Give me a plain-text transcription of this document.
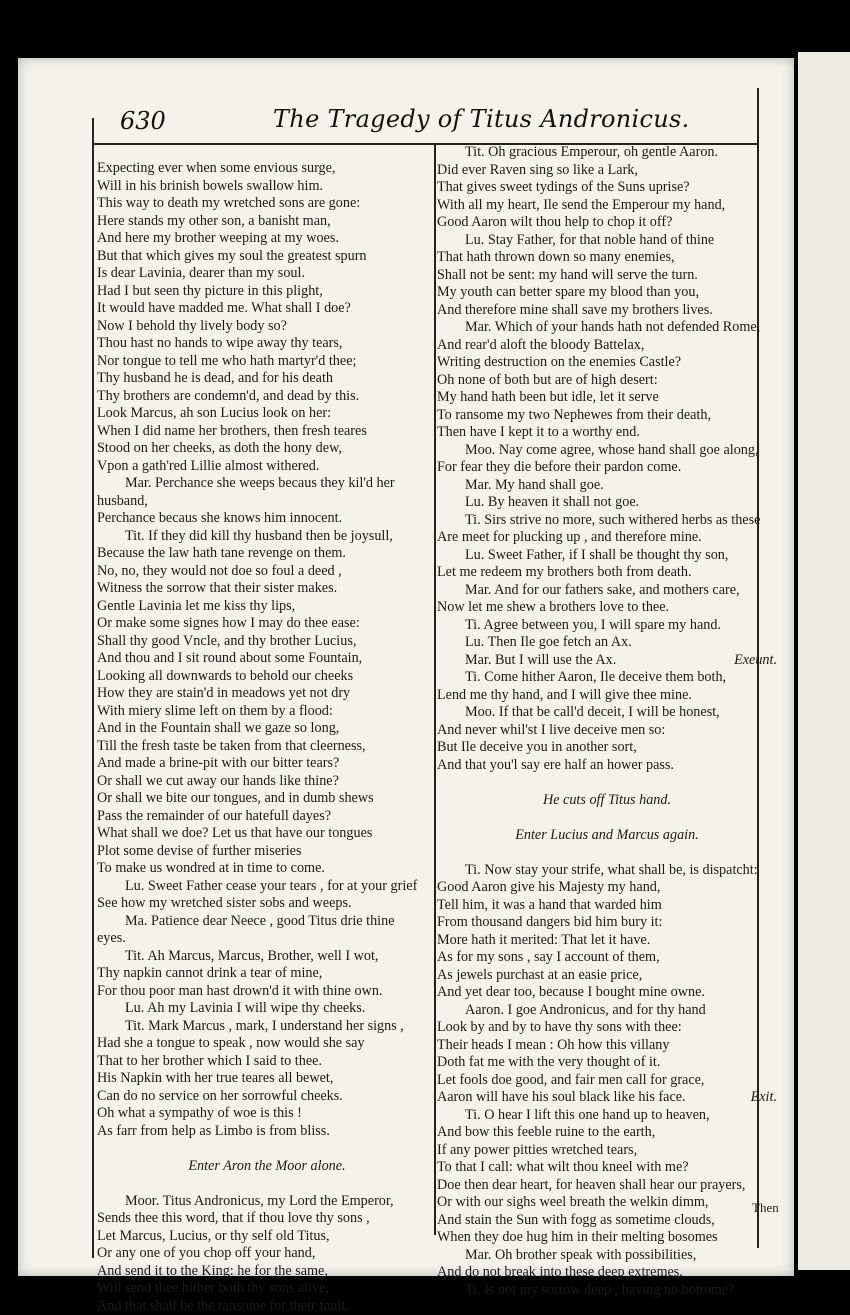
630	The Tragedy of Titus Andronicus.
Expecting ever when some envious surge,
Will in his brinish bowels swallow him.
This way to death my wretched sons are gone:
Here stands my other son, a banisht man,
And here my brother weeping at my woes.
But that which gives my soul the greatest spurn
Is dear Lavinia, dearer than my soul.
Had I but seen thy picture in this plight,
It would have madded me. What shall I doe?
Now I behold thy lively body so?
Thou hast no hands to wipe away thy tears,
Nor tongue to tell me who hath martyr'd thee;
Thy husband he is dead, and for his death
Thy brothers are condemn'd, and dead by this.
Look Marcus, ah son Lucius look on her:
When I did name her brothers, then fresh teares
Stood on her cheeks, as doth the hony dew,
Vpon a gath'red Lillie almost withered.
Mar. Perchance she weeps becaus they kil'd her
husband,
Perchance becaus she knows him innocent.
Tit. If they did kill thy husband then be joysull,
Because the law hath tane revenge on them.
No, no, they would not doe so foul a deed ,
Witness the sorrow that their sister makes.
Gentle Lavinia let me kiss thy lips,
Or make some signes how I may do thee ease:
Shall thy good Vncle, and thy brother Lucius,
And thou and I sit round about some Fountain,
Looking all downwards to behold our cheeks
How they are stain'd in meadows yet not dry
With miery slime left on them by a flood:
And in the Fountain shall we gaze so long,
Till the fresh taste be taken from that cleerness,
And made a brine-pit with our bitter tears?
Or shall we cut away our hands like thine?
Or shall we bite our tongues, and in dumb shews
Pass the remainder of our hatefull dayes?
What shall we doe? Let us that have our tongues
Plot some devise of further miseries
To make us wondred at in time to come.
Lu. Sweet Father cease your tears , for at your grief
See how my wretched sister sobs and weeps.
Ma. Patience dear Neece , good Titus drie thine
eyes.
Tit. Ah Marcus, Marcus, Brother, well I wot,
Thy napkin cannot drink a tear of mine,
For thou poor man hast drown'd it with thine own.
Lu. Ah my Lavinia I will wipe thy cheeks.
Tit. Mark Marcus , mark, I understand her signs ,
Had she a tongue to speak , now would she say
That to her brother which I said to thee.
His Napkin with her true teares all bewet,
Can do no service on her sorrowful cheeks.
Oh what a sympathy of woe is this !
As farr from help as Limbo is from bliss.

Enter Aron the Moor alone.

Moor. Titus Andronicus, my Lord the Emperor,
Sends thee this word, that if thou love thy sons ,
Let Marcus, Lucius, or thy self old Titus,
Or any one of you chop off your hand,
And send it to the King: he for the same,
Will send thee hither both thy sons alive,
And that shall be the ransome for their fault.
Tit. Oh gracious Emperour, oh gentle Aaron.
Did ever Raven sing so like a Lark,
That gives sweet tydings of the Suns uprise?
With all my heart, Ile send the Emperour my hand,
Good Aaron wilt thou help to chop it off?
Lu. Stay Father, for that noble hand of thine
That hath thrown down so many enemies,
Shall not be sent: my hand will serve the turn.
My youth can better spare my blood than you,
And therefore mine shall save my brothers lives.
Mar. Which of your hands hath not defended Rome,
And rear'd aloft the bloody Battelax,
Writing destruction on the enemies Castle?
Oh none of both but are of high desert:
My hand hath been but idle, let it serve
To ransome my two Nephewes from their death,
Then have I kept it to a worthy end.
Moo. Nay come agree, whose hand shall goe along,
For fear they die before their pardon come.
Mar. My hand shall goe.
Lu. By heaven it shall not goe.
Ti. Sirs strive no more, such withered herbs as these
Are meet for plucking up , and therefore mine.
Lu. Sweet Father, if I shall be thought thy son,
Let me redeem my brothers both from death.
Mar. And for our fathers sake, and mothers care,
Now let me shew a brothers love to thee.
Ti. Agree between you, I will spare my hand.
Lu. Then Ile goe fetch an Ax.
Mar. But I will use the Ax.	Exeunt.
Ti. Come hither Aaron, Ile deceive them both,
Lend me thy hand, and I will give thee mine.
Moo. If that be call'd deceit, I will be honest,
And never whil'st I live deceive men so:
But Ile deceive you in another sort,
And that you'l say ere half an hower pass.

He cuts off Titus hand.

Enter Lucius and Marcus again.

Ti. Now stay your strife, what shall be, is dispatcht:
Good Aaron give his Majesty my hand,
Tell him, it was a hand that warded him
From thousand dangers bid him bury it:
More hath it merited: That let it have.
As for my sons , say I account of them,
As jewels purchast at an easie price,
And yet dear too, because I bought mine owne.
Aaron. I goe Andronicus, and for thy hand
Look by and by to have thy sons with thee:
Their heads I mean : Oh how this villany
Doth fat me with the very thought of it.
Let fools doe good, and fair men call for grace,
Aaron will have his soul black like his face.	Exit.
Ti. O hear I lift this one hand up to heaven,
And bow this feeble ruine to the earth,
If any power pitties wretched tears,
To that I call: what wilt thou kneel with me?
Doe then dear heart, for heaven shall hear our prayers,
Or with our sighs weel breath the welkin dimm,
And stain the Sun with fogg as sometime clouds,
When they doe hug him in their melting bosomes
Mar. Oh brother speak with possibilities,
And do not break into these deep extremes.
Ti. Is not my sorrow deep , having no bottome?
Then
